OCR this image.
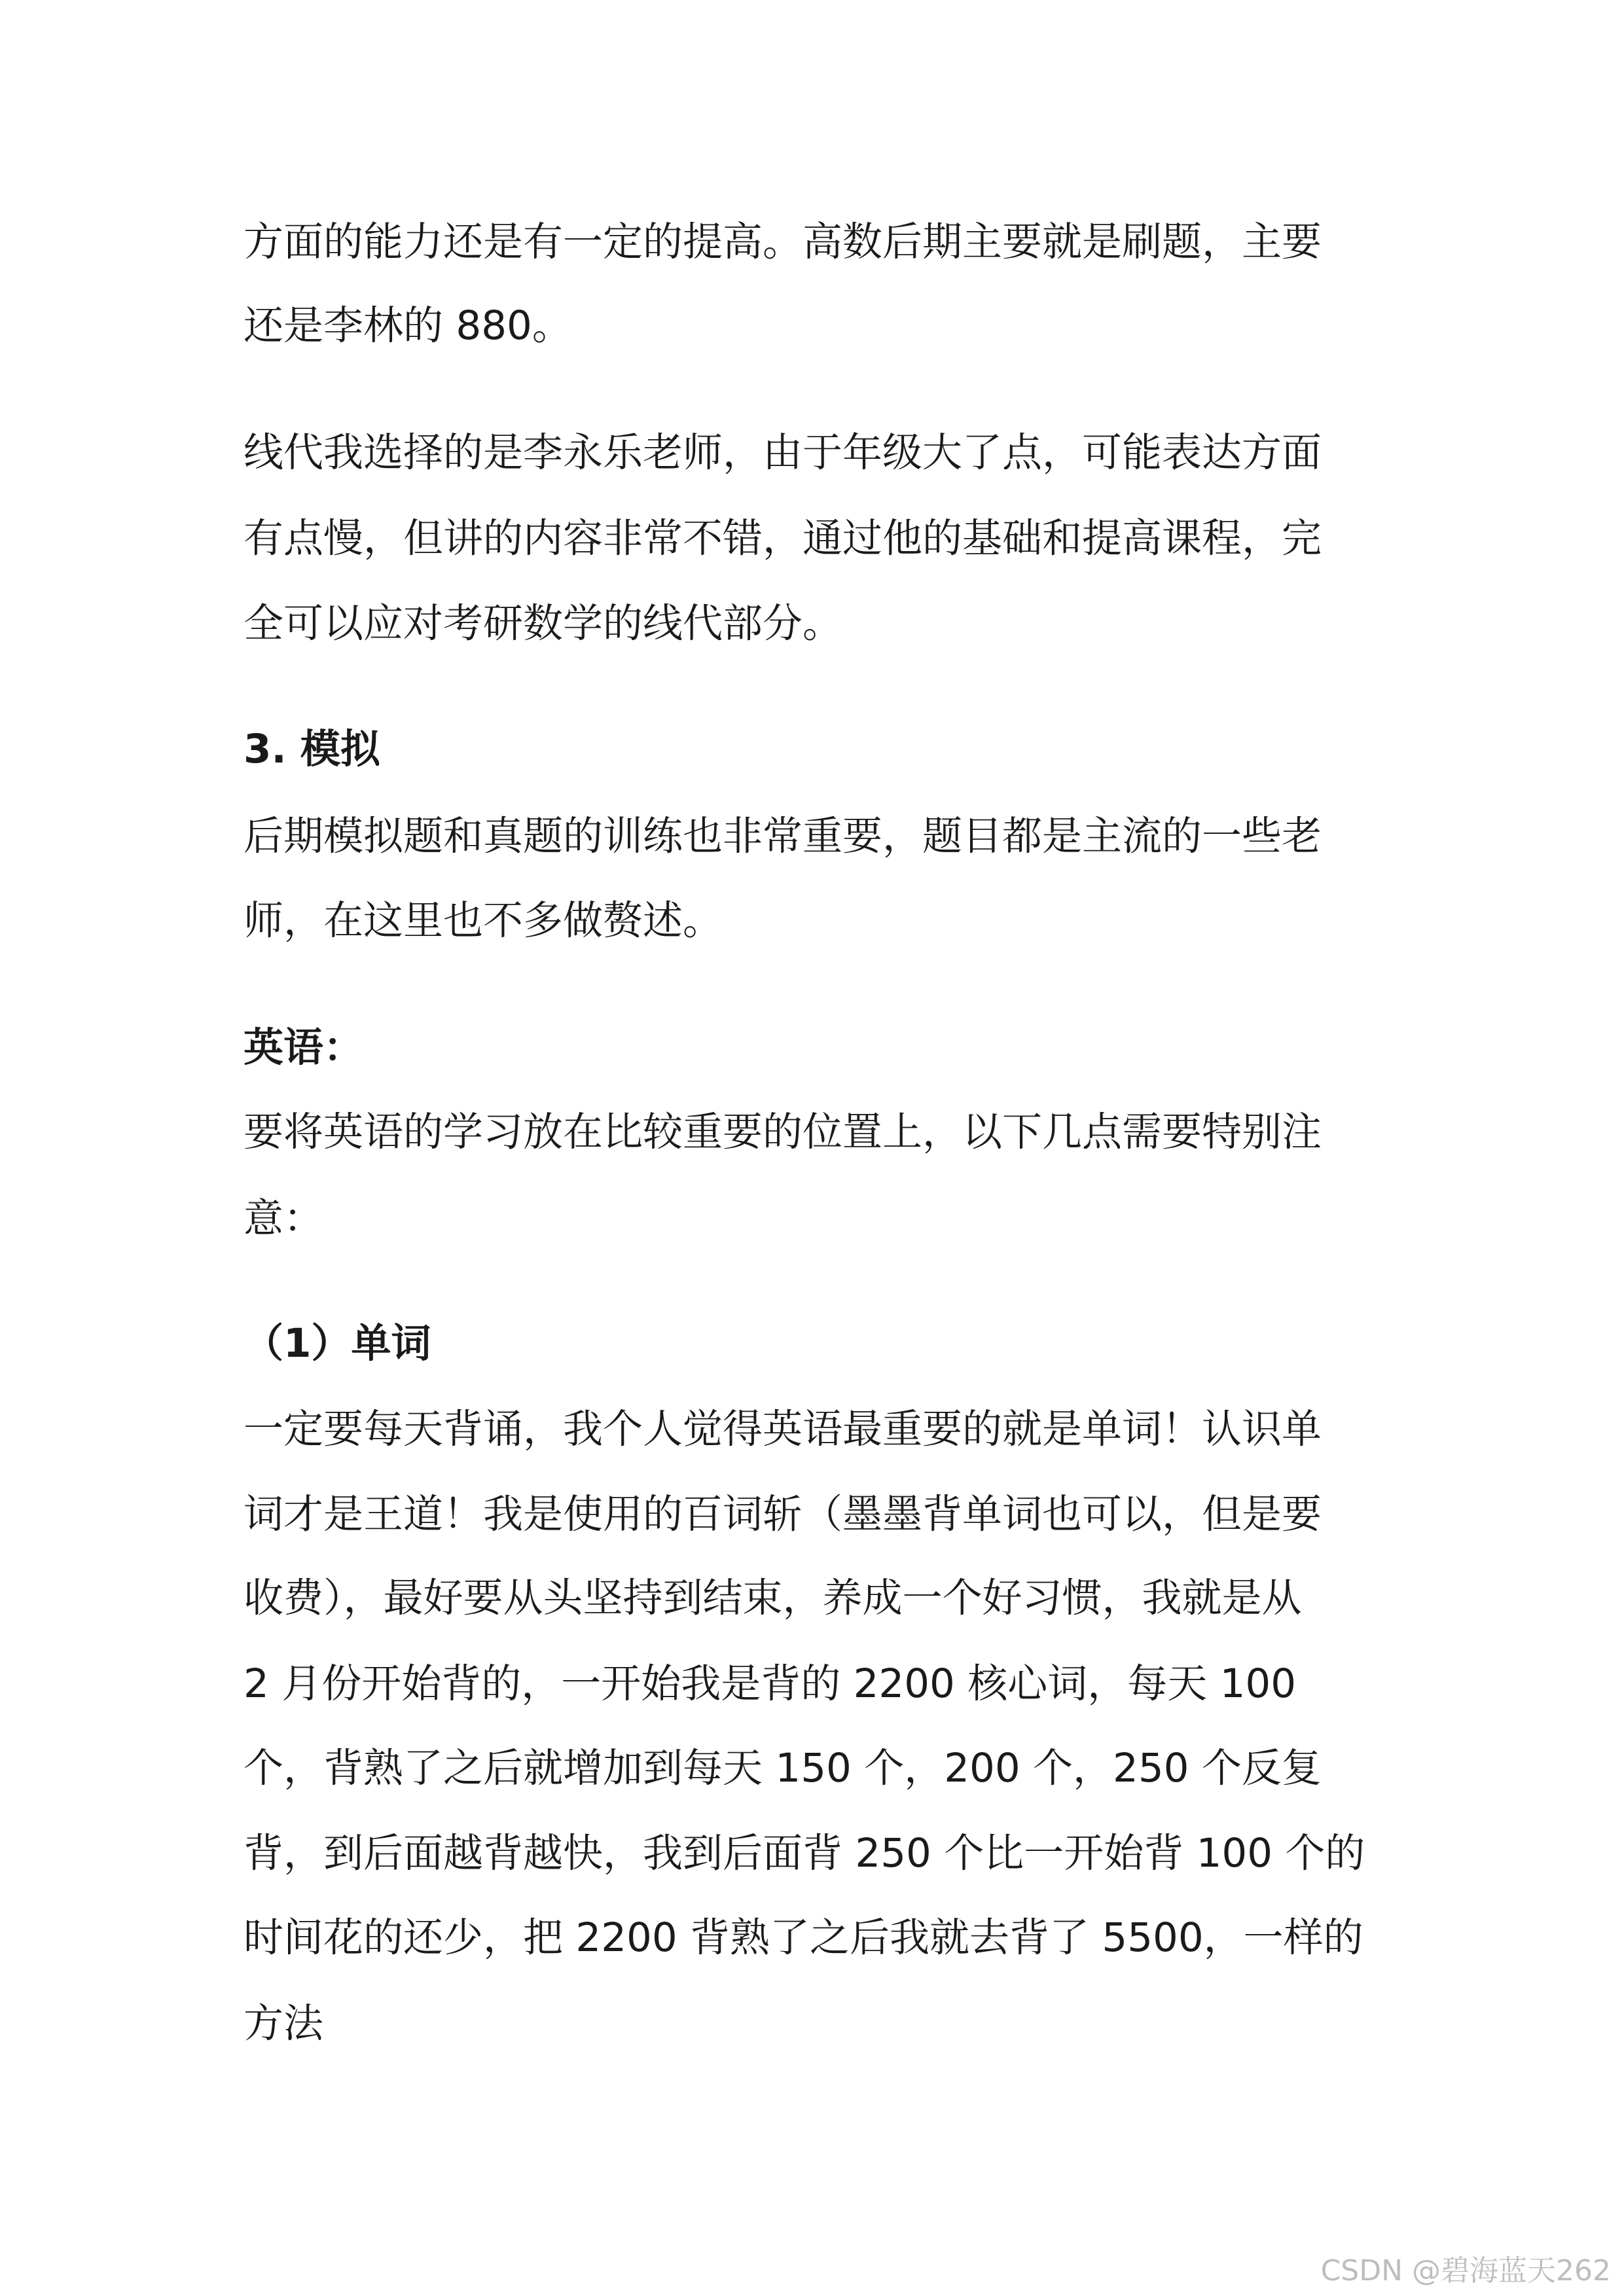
方面的能力还是有一定的提高。高数后期主要就是刷题，主要
还是李林的 880。
线代我选择的是李永乐老师，由于年级大了点，可能表达方面
有点慢，但讲的内容非常不错，通过他的基础和提高课程，完
全可以应对考研数学的线代部分。
3. 模拟
后期模拟题和真题的训练也非常重要，题目都是主流的一些老
师，在这里也不多做赘述。
英语：
要将英语的学习放在比较重要的位置上，以下几点需要特别注
意：
（1）单词
一定要每天背诵，我个人觉得英语最重要的就是单词！认识单
词才是王道！我是使用的百词斩（墨墨背单词也可以，但是要
收费），最好要从头坚持到结束，养成一个好习惯，我就是从
2 月份开始背的，一开始我是背的 2200 核心词，每天 100
个，背熟了之后就增加到每天 150 个，200 个，250 个反复
背，到后面越背越快，我到后面背 250 个比一开始背 100 个的
时间花的还少，把 2200 背熟了之后我就去背了 5500，一样的
方法
CSDN @碧海蓝天262
